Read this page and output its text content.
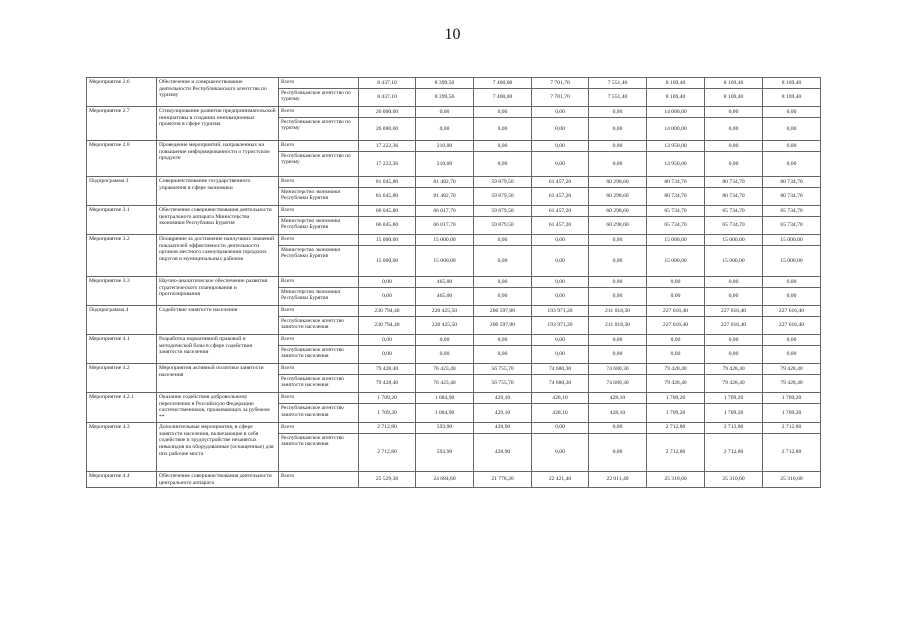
10
Мероприятие 2.6	Обеспечение и совершенствование деятельности Республиканского агентства по туризму	Всего	8 437,10	8 399,50	7 400,00	7 701,70	7 551,40	8 169,40	8 169,40	8 169,40
		Республиканское агентство по туризму	8 437,10	8 399,50	7 400,00	7 701,70	7 551,40	8 169,40	8 169,40	8 169,40
Мероприятие 2.7	Стимулирование развития предпринимательской инициативы в создании инновационных проектов в сфере туризма	Всего	26 000,00	0,00	0,00	0,00	0,00	14 000,00	0,00	0,00
		Республиканское агентство по туризму	26 000,00	0,00	0,00	0,00	0,00	14 000,00	0,00	0,00
Мероприятие 2.8	Проведение мероприятий, направленных на повышение информированности о туристском продукте	Всего	17 222,36	210,00	0,00	0,00	0,00	13 950,00	0,00	0,00
		Республиканское агентство по туризму	17 222,36	210,00	0,00	0,00	0,00	13 950,00	0,00	0,00
Подпрограмма 3	Совершенствование государственного управления в сфере экономики	Всего	81 045,80	81 482,70	59 879,50	61 457,20	60 298,60	80 734,70	80 734,70	80 734,70
		Министерство экономики Республики Бурятия	81 045,80	81 482,70	59 879,50	61 457,20	60 298,60	80 734,70	80 734,70	80 734,70
Мероприятие 3.1	Обеспечение совершенствования деятельности центрального аппарата Министерства экономики Республики Бурятия	Всего	66 045,80	66 017,70	59 879,50	61 457,20	60 298,60	65 734,70	65 734,70	65 734,70
		Министерство экономики Республики Бурятия	66 045,80	66 017,70	59 879,50	61 457,20	60 298,60	65 734,70	65 734,70	65 734,70
Мероприятие 3.2	Поощрение за достижение наилучших значений показателей эффективности деятельности органов местного самоуправления городских округов и муниципальных районов	Всего	15 000,00	15 000,00	0,00	0,00	0,00	15 000,00	15 000,00	15 000,00
		Министерство экономики Республики Бурятия	15 000,00	15 000,00	0,00	0,00	0,00	15 000,00	15 000,00	15 000,00
Мероприятие 3.3	Научно-аналитическое обеспечение развития стратегического планирования и прогнозирования	Всего	0,00	465,00	0,00	0,00	0,00	0,00	0,00	0,00
		Министерство экономики Республики Бурятия	0,00	465,00	0,00	0,00	0,00	0,00	0,00	0,00
Подпрограмма 4	Содействие занятости населения	Всего	230 794,40	220 425,50	200 597,00	193 971,20	211 018,30	227 616,40	227 616,40	227 616,40
		Республиканское агентство занятости населения	230 794,40	220 425,50	200 597,00	193 971,20	211 018,30	227 616,40	227 616,40	227 616,40
Мероприятие 4.1	Разработка нормативной правовой и методической базы в сфере содействия занятости населения	Всего	0,00	0,00	0,00	0,00	0,00	0,00	0,00	0,00
		Республиканское агентство занятости населения	0,00	0,00	0,00	0,00	0,00	0,00	0,00	0,00
Мероприятие 4.2	Мероприятия активной политики занятости населения	Всего	79 428,40	76 423,40	56 755,70	74 680,30	74 680,30	79 428,40	79 428,40	79 428,40
		Республиканское агентство занятости населения	79 428,40	76 423,40	56 755,70	74 680,30	74 680,30	79 428,40	79 428,40	79 428,40
Мероприятие 4.2.1	Оказание содействия добровольному переселению в Российскую Федерацию соотечественников, проживающих за рубежом **	Всего	1 709,20	1 084,90	429,10	428,10	428,10	1 709,20	1 709,20	1 709,20
		Республиканское агентство занятости населения	1 709,20	1 084,90	429,10	428,10	428,10	1 709,20	1 709,20	1 709,20
Мероприятие 4.3	Дополнительные мероприятия, в сфере занятости населения, включающие в себя содействие в трудоустройстве незанятых инвалидов на оборудованные (оснащенные) для них рабочие места	Всего	2 712,80	593,90	428,90	0,00	0,00	2 712,80	2 712,80	2 712,80
		Республиканское агентство занятости населения	2 712,80	593,90	428,90	0,00	0,00	2 712,80	2 712,80	2 712,80
Мероприятие 4.4	Обеспечение совершенствования деятельности центрального аппарата	Всего	25 529,30	24 684,60	21 778,20	22 421,40	22 011,40	25 310,60	25 310,60	25 310,60
